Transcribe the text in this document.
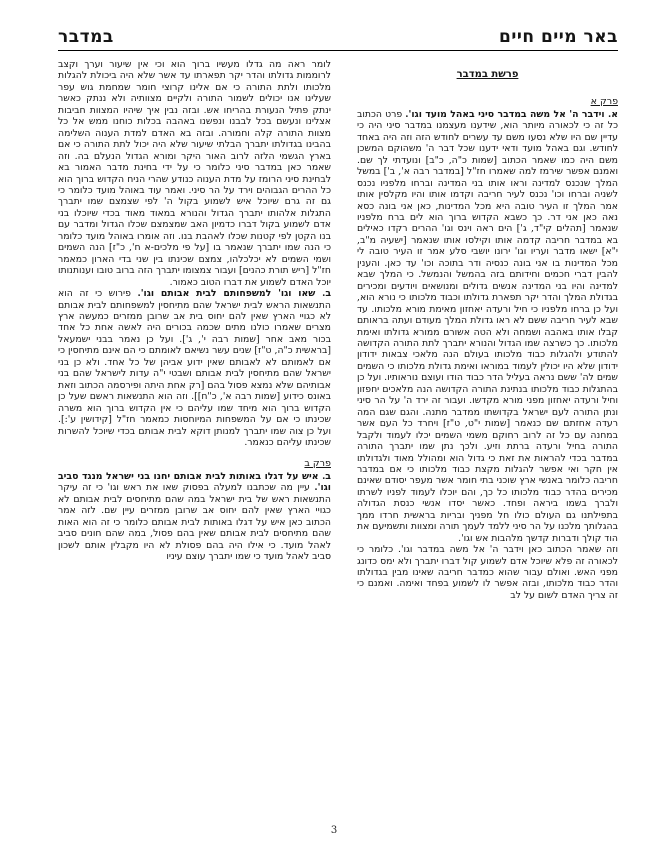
במדבר	באר מיים חיים
פרשת במדבר
פרק א

א. וידבר ה' אל משה במדבר סיני באהל מועד וגו'. פרט הכתוב כל זה כי לכאורה מיותר הוא, שידענו מעצמנו במדבר סיני היה כי עדיין שם היו שלא נסעו משם עד עשרים לחודש הזה וזה היה באחד לחודש. וגם באהל מועד ודאי ידענו שכל דבר ה' משהוקם המשכן משם היה כמו שאמר הכתוב [שמות כ"ה, כ"ב] ונועדתי לך שם. ואמנם אפשר שירמז למה שאמרו חז"ל [במדבר רבה א', ב'] במשל המלך שנכנס למדינה וראו אותו בני המדינה וברחו מלפניו נכנס לשניה וברחו וכו' נכנס לעיר חריבה וקדמו אותו והיו מקלסין אותו אמר המלך זו העיר טובה היא מכל המדינות, כאן אני בונה כסא נאה כאן אני דר. כך כשבא הקדוש ברוך הוא לים ברח מלפניו שנאמר [תהלים קי"ד, ג'] הים ראה וינס וגו' ההרים רקדו כאילים בא במדבר חריבה קדמה אותו וקילסו אותו שנאמר [ישעיה מ"ב, י"א] ישאו מדבר ועריו וגו' ירונו יושבי סלע אמר זו העיר טובה לי מכל המדינות בו אני בונה כנסיה ודר בתוכה וכו' עד כאן. והענין להבין דברי חכמים וחידותם בזה בהמשל והנמשל. כי המלך שבא למדינה והיו בני המדינה אנשים גדולים ומנושאים ויודעים ומכירים בגדולת המלך והדר יקר תפארת גדולתו וכבוד מלכותו כי נורא הוא, ועל כן ברחו מלפניו כי חיל ורעדה יאחזון מאימת מורא מלכותו. עד שבא לעיר חריבה ששם לא ראו גדולת המלך מעודם ועתה בראותם קבלו אותו באהבה ושמחה ולא הטה אשורם ממורא גדולתו ואימת מלכותו. כך כשרצה שמו הגדול והנורא יתברך לתת התורה הקדושה להתודע ולהגלות כבוד מלכותו בעולם הנה מלאכי צבאות ידודון ידודון שלא היו יכולין לעמוד במוראו ואימת גדולת מלכותו כי השמים שמים לה' ששם נראה בעליל הדר כבוד הודו ועוצם נוראותיו. ועל כן בהתגלות כבוד מלכותו בנתינת התורה הקדושה הנה מלאכים יחפזון וחיל ורעדה יאחזון מפני מורא מקדשו. ועבור זה ירד ה' על הר סיני ונתן התורה לעם ישראל בקדושתו ממדבר מתנה. והגם שגם המה רעדה אחזתם שם כנאמר [שמות י"ט, ט"ז] ויחרד כל העם אשר במחנה עם כל זה לרוב רחוקם משמי השמים יכלו לעמוד ולקבל התורה בחיל ורעדה ברתת וזיע. ולכך נתן שמו יתברך התורה במדבר בכדי להראות את זאת כי גדול הוא ומהולל מאוד ולגדולתו אין חקר ואי אפשר להגלות מקצת כבוד מלכותו כי אם במדבר חריבה כלומר באנשי ארץ שוכני בתי חומר אשר מעפר יסודם שאינם מכירים בהדר כבוד מלכותו כל כך, והם יוכלו לעמוד לפניו לשרתו ולברך בשמו ביראה ופחד. כאשר יסדו אנשי כנסת הגדולה בתפילתנו גם העולם כולו חל מפניך ובריות בראשית חרדו ממך בהגלותך מלכנו על הר סיני ללמד לעמך תורה ומצוות ותשמיעם את הוד קולך ודברות קדשך מלהבות אש וגו'.

וזה שאמר הכתוב כאן וידבר ה' אל משה במדבר וגו'. כלומר כי לכאורה זה פלא שיוכל אדם לשמוע קול דברו יתברך ולא ימס כדונג מפני האש. ואולם עבור שהוא כמדבר חריבה שאינו מבין בגדולתו והדר כבוד מלכותו, ובזה אפשר לו לשמוע בפחד ואימה. ואמנם כי זה צריך האדם לשום על לב

לומר ראה מה גדלו מעשיו ברוך הוא וכי אין שיעור וערך וקצב לרוממות גדולתו והדר יקר תפארתו עד אשר שלא היה ביכולת להגלות מלכותו ולתת התורה כי אם אלינו קרוצי חומר שמחמת גוש עפר שעלינו אנו יכולים לשמור התורה ולקיים מצוותיה ולא ננתק כאשר ינתק פתיל הנעורת בהריחו אש. ובזה נבין איך שיהיו המצוות חביבות אצלינו ונעשם בכל לבבנו ונפשנו באהבה בכלות כוחנו ממש אל כל מצוות התורה קלה וחמורה. ובזה בא האדם למדת הענוה השלימה בהבינו בגדולתו יתברך הבלתי שיעור שלא היה יכול לתת התורה כי אם בארץ הגשמי הלזה לרוב האור היקר ומורא הגדול הנעלם בה. וזה שאמר כאן במדבר סיני כלומר כי על ידי בחינת מדבר האמור בא לבחינת סיני הרומז על מדת הענוה כנודע שהרי הניח הקדוש ברוך הוא כל ההרים הגבוהים וירד על הר סיני. ואמר עוד באוהל מועד כלומר כי גם זה גרם שיוכל איש לשמוע בקול ה' לפי שצמצם שמו יתברך התגלות אלהותו יתברך הגדול והנורא במאוד מאוד בכדי שיוכלו בני אדם לשמוע בקול דברו כדמיון האב שמצמצם שכלו הגדול ומדבר עם בנו הקטן לפי קטנות שכלו לאהבת בנו. וזה אומרו באוהל מועד כלומר כי הנה שמו יתברך שנאמר בו [על פי מלכים-א ח', כ"ז] הנה השמים ושמי השמים לא יכלכלהו, צמצם שכינתו בין שני בדי הארון כמאמר חז"ל [ריש תורת כהנים] ועבור צמצומו יתברך הזה ברוב טובו וענותנותו יוכל האדם לשמוע את דברו הטוב כאמור.

ב. שאו וגו' למשפחותם לבית אבותם וגו'. פירוש כי זה הוא התנשאות הראש לבית ישראל שהם מתיחסין למשפחותם לבית אבותם לא כגויי הארץ שאין להם יחוס בית אב שרובן ממזרים כמעשה ארץ מצרים שאמרו כולנו מתים שכמה בכורים היה לאשה אחת כל אחד בכור מאב אחר [שמות רבה י', ג']. ועל כן נאמר בבני ישמעאל [בראשית כ"ה, ט"ז] שנים עשר נשיאם לאומתם כי הם אינם מתיחסין כי אם לאמותם לא לאבותם שאין ידוע אביהן של כל אחד. ולא כן בני ישראל שהם מתיחסין לבית אבותם ושבטי י"ה עדות לישראל שהם בני אבותיהם שלא נמצא פסול בהם [רק אחת היתה ופירסמה הכתוב וזאת באונס כידוע [שמות רבה א', כ"ח]]. וזה הוא התנשאות ראשם שעל כן הקדוש ברוך הוא מיחד שמו עליהם כי אין הקדוש ברוך הוא משרה שכינתו כי אם על המשפחות המיוחסות כמאמר חז"ל [קידושין ע':]. ועל כן צוה שמו יתברך למנותן דוקא לבית אבותם בכדי שיוכל להשרות שכינתו עליהם כנאמר.

פרק ב

ב. איש על דגלו באותות לבית אבותם יחנו בני ישראל מנגד סביב וגו'. עיין מה שכתבנו למעלה בפסוק שאו את ראש וגו' כי זה עיקר התנשאות ראש של בית ישראל במה שהם מתיחסים לבית אבותם לא כגויי הארץ שאין להם יחוס אב שרובן ממזרים עיין שם. לזה אמר הכתוב כאן איש על דגלו באותות לבית אבותם כלומר כי זה הוא האות שהם מתיחסים לבית אבותם שאין בהם פסול, במה שהם חונים סביב לאהל מועד. כי אילו היה בהם פסולת לא היו מקבלין אותם לשכון סביב לאהל מועד כי שמו יתברך עוצם עיניו

3
